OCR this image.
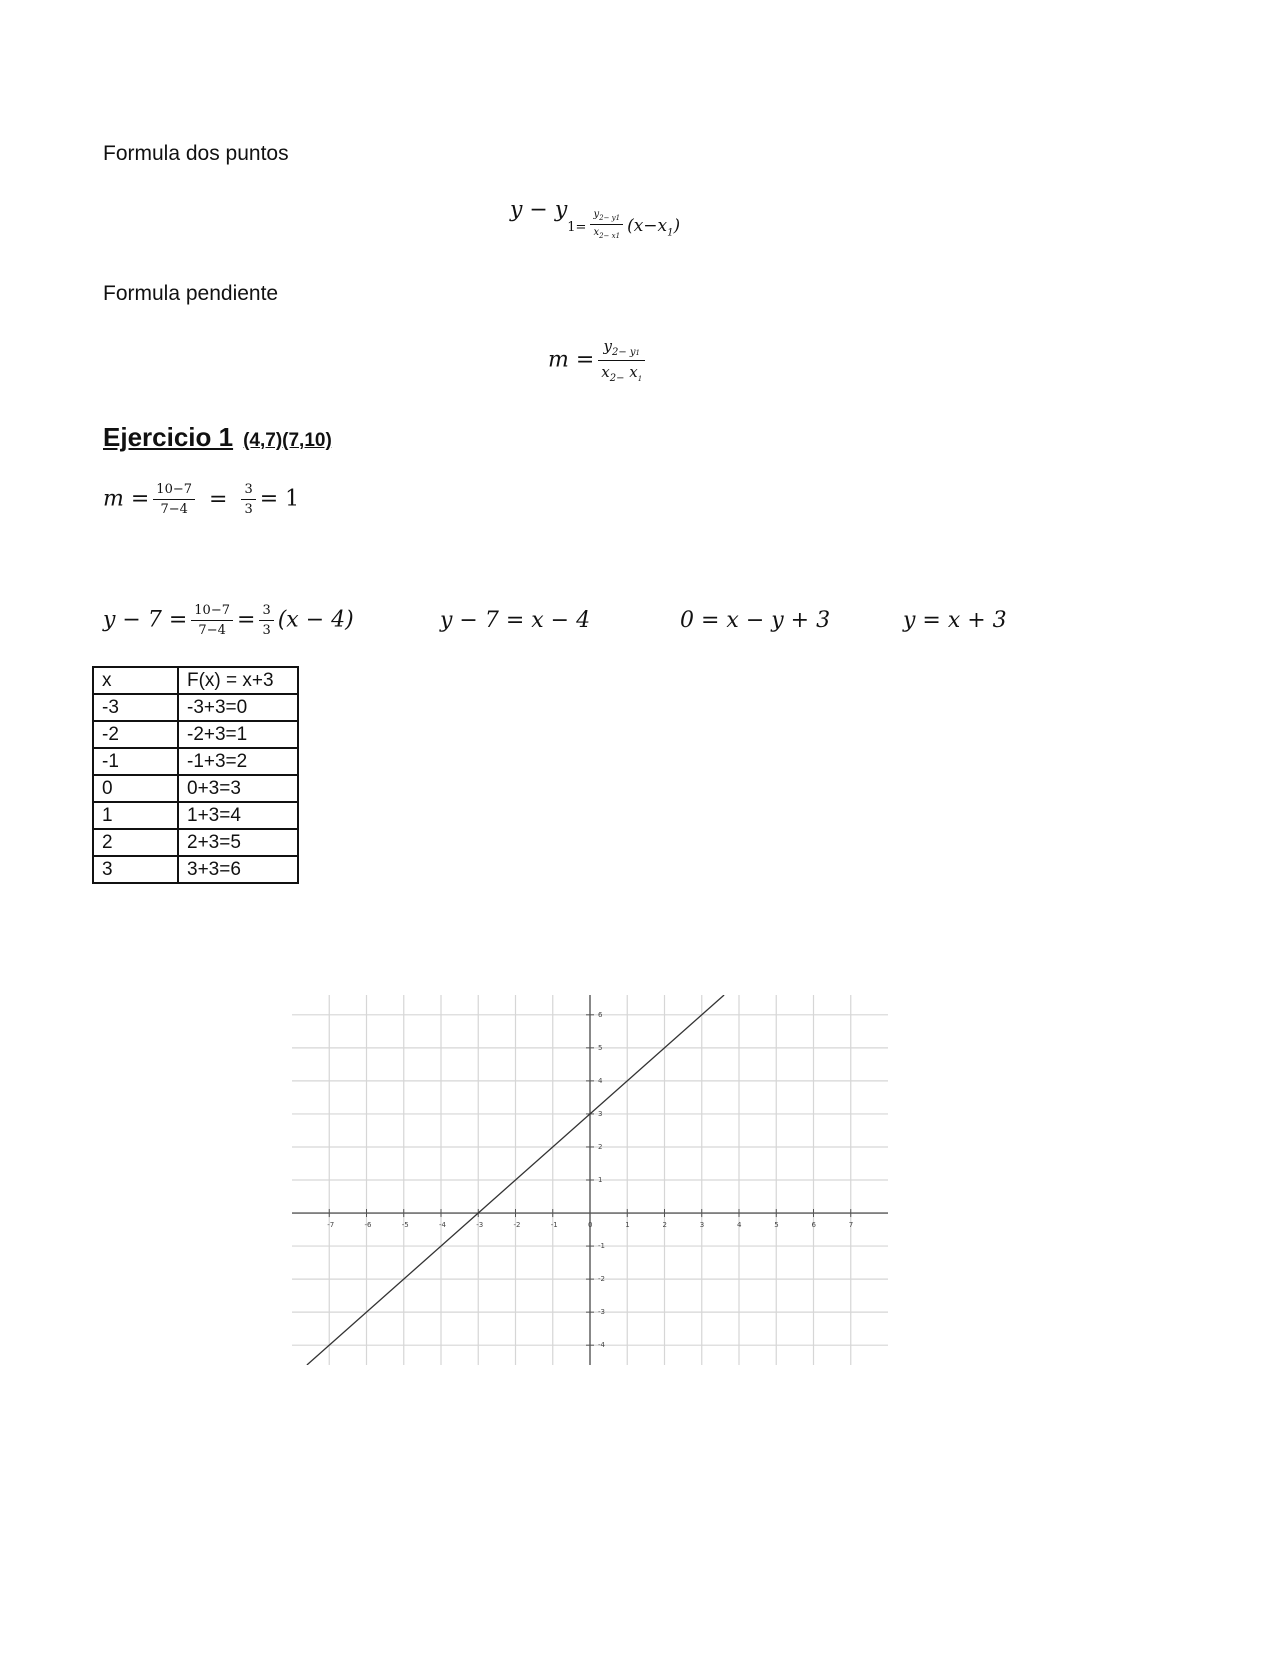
Formula dos puntos
$y - y_{1=} \frac{y_{2- y1}}{x_{2- x1}} _{(x-x_1)}$
Formula pendiente
$m = \frac{y_{2- y1}}{x_{2-} x_1}$
Ejercicio 1 (4,7)(7,10)
$m = \frac{10-7}{7-4} = \frac{3}{3} = 1$
$y - 7 = \frac{10-7}{7-4} = \frac{3}{3} (x - 4)$	y − 7 = x − 4	0 = x − y + 3	y = x + 3
x	F(x) = x+3
-3	-3+3=0
-2	-2+3=1
-1	-1+3=2
0	0+3=3
1	1+3=4
2	2+3=5
3	3+3=6
-7	-6	-5	-4	-3	-2	-1	0	1	2	3	4	5	6	7
-4
-3
-2
-1
1
2
3
4
5
6
